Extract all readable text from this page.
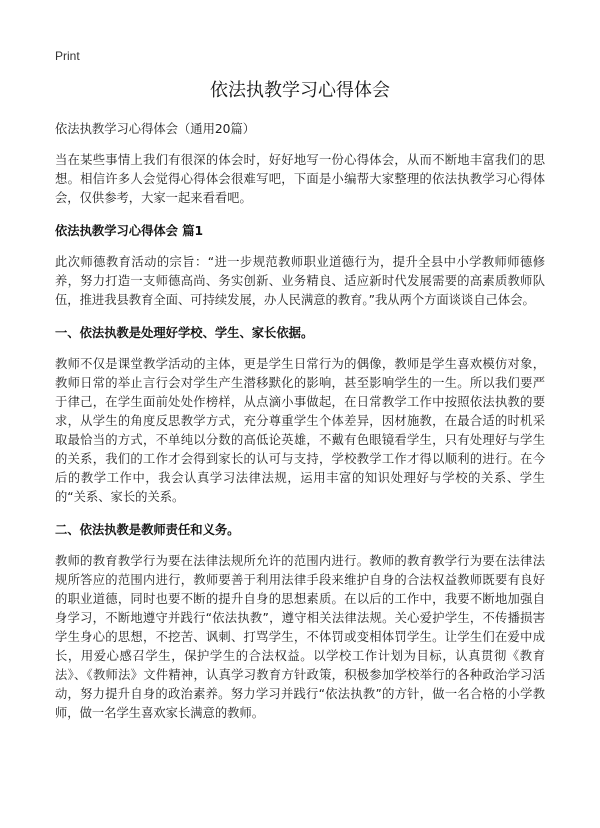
Print
依法执教学习心得体会

依法执教学习心得体会（通用20篇）

当在某些事情上我们有很深的体会时，好好地写一份心得体会，从而不断地丰富我们的思想。相信许多人会觉得心得体会很难写吧，下面是小编帮大家整理的依法执教学习心得体会，仅供参考，大家一起来看看吧。

依法执教学习心得体会 篇1

此次师德教育活动的宗旨：“进一步规范教师职业道德行为，提升全县中小学教师师德修养，努力打造一支师德高尚、务实创新、业务精良、适应新时代发展需要的高素质教师队伍，推进我县教育全面、可持续发展，办人民满意的教育。”我从两个方面谈谈自己体会。

一、依法执教是处理好学校、学生、家长依据。

教师不仅是课堂教学活动的主体，更是学生日常行为的偶像，教师是学生喜欢模仿对象，教师日常的举止言行会对学生产生潜移默化的影响，甚至影响学生的一生。所以我们要严于律己，在学生面前处处作榜样，从点滴小事做起，在日常教学工作中按照依法执教的要求，从学生的角度反思教学方式，充分尊重学生个体差异，因材施教，在最合适的时机采取最恰当的方式，不单纯以分数的高低论英雄，不戴有色眼镜看学生，只有处理好与学生的关系，我们的工作才会得到家长的认可与支持，学校教学工作才得以顺利的进行。在今后的教学工作中，我会认真学习法律法规，运用丰富的知识处理好与学校的关系、学生的“关系、家长的关系。

二、依法执教是教师责任和义务。

教师的教育教学行为要在法律法规所允许的范围内进行。教师的教育教学行为要在法律法规所答应的范围内进行，教师要善于利用法律手段来维护自身的合法权益教师既要有良好的职业道德，同时也要不断的提升自身的思想素质。在以后的工作中，我要不断地加强自身学习，不断地遵守并践行“依法执教”，遵守相关法律法规。关心爱护学生，不传播损害学生身心的思想，不挖苦、讽刺、打骂学生，不体罚或变相体罚学生。让学生们在爱中成长，用爱心感召学生，保护学生的合法权益。以学校工作计划为目标，认真贯彻《教育法》、《教师法》文件精神，认真学习教育方针政策，积极参加学校举行的各种政治学习活动，努力提升自身的政治素养。努力学习并践行“依法执教”的方针，做一名合格的小学教师，做一名学生喜欢家长满意的教师。
